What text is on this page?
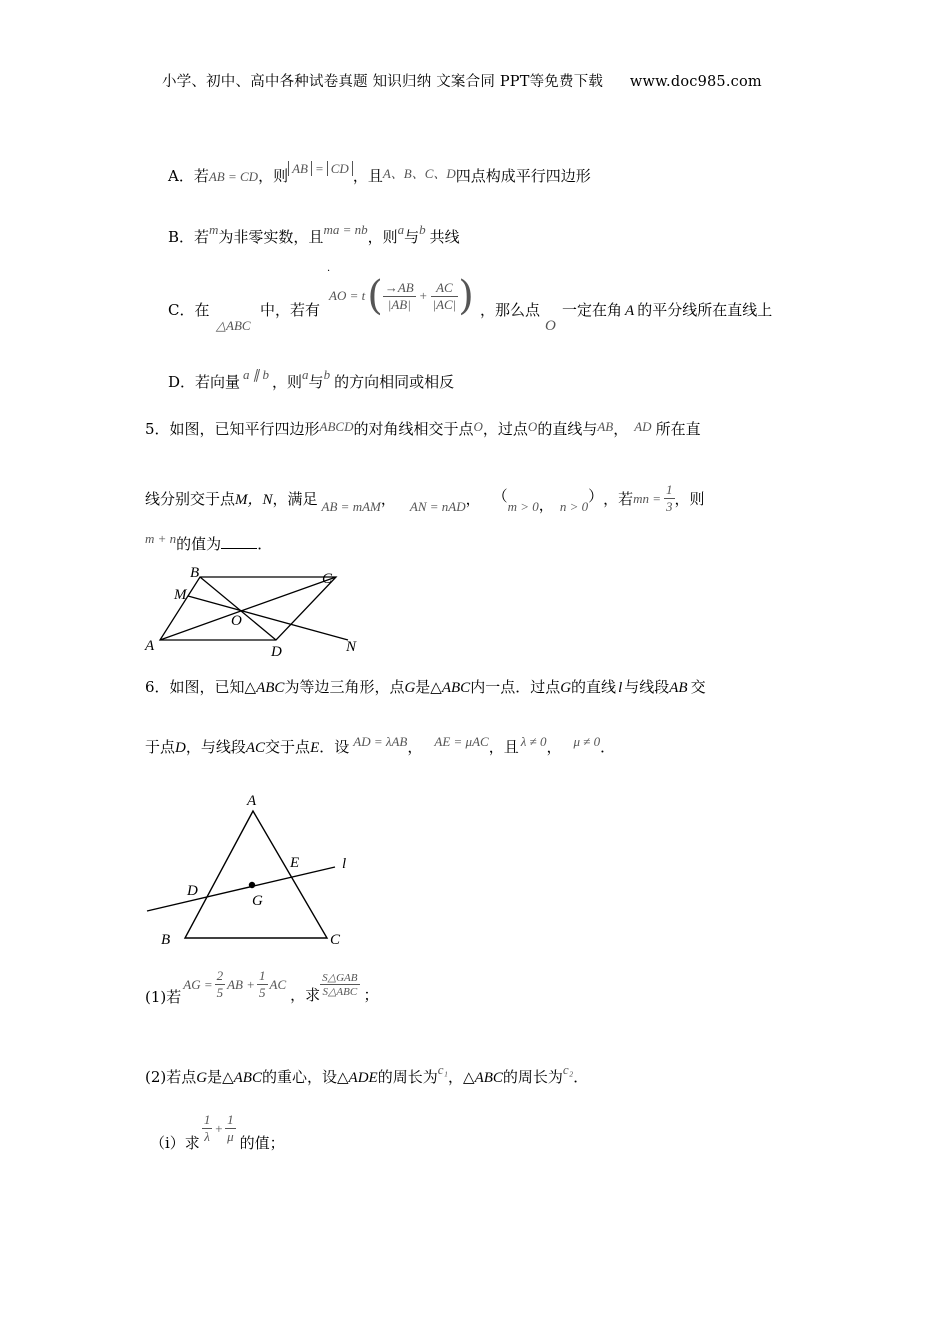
小学、初中、高中各种试卷真题 知识归纳 文案合同 PPT等免费下载 www.doc985.com
A．若AB = CD，则 AB = CD ，且A、B、C、D四点构成平行四边形
B．若m为非零实数，且ma = nb，则a与b 共线
C．在
△ABC
中，若有
·
AO = t ( $\frac{\to AB}{|AB|} + \frac{AC}{|AC|}$ ) ，那么点
O
一定在角 A 的平分线所在直线上
D．若向量 a ∥ b ，则a与b 的方向相同或相反
5．如图，已知平行四边形ABCD的对角线相交于点O，过点O的直线与AB， AD 所在直
线分别交于点 M，N ，满足 AB = mAM ， AN = nAD ， （
m > 0 ， n > 0
） ，若 mn = $\frac{1}{3}$ ，则
m + n的值为 ．
B	C
M
O
A	D	N
6．如图，已知△ABC为等边三角形，点G是△ABC内一点．过点G的直线 l 与线段AB 交
于点D，与线段AC交于点E．设 AD = λAB， AE = μAC，且 λ ≠ 0， μ ≠ 0．
A
E	l
D
G
B	C
(1)若
AG = $\frac{2}{5}$ AB + $\frac{1}{5}$ AC
，求 $\frac{\text{S△GAB}}{\text{S△ABC}}$ ；
(2)若点G是△ABC的重心，设△ADE的周长为c₁，△ABC的周长为c₂．
（i）求 $\frac{1}{\lambda} + \frac{1}{\mu}$ 的值；
